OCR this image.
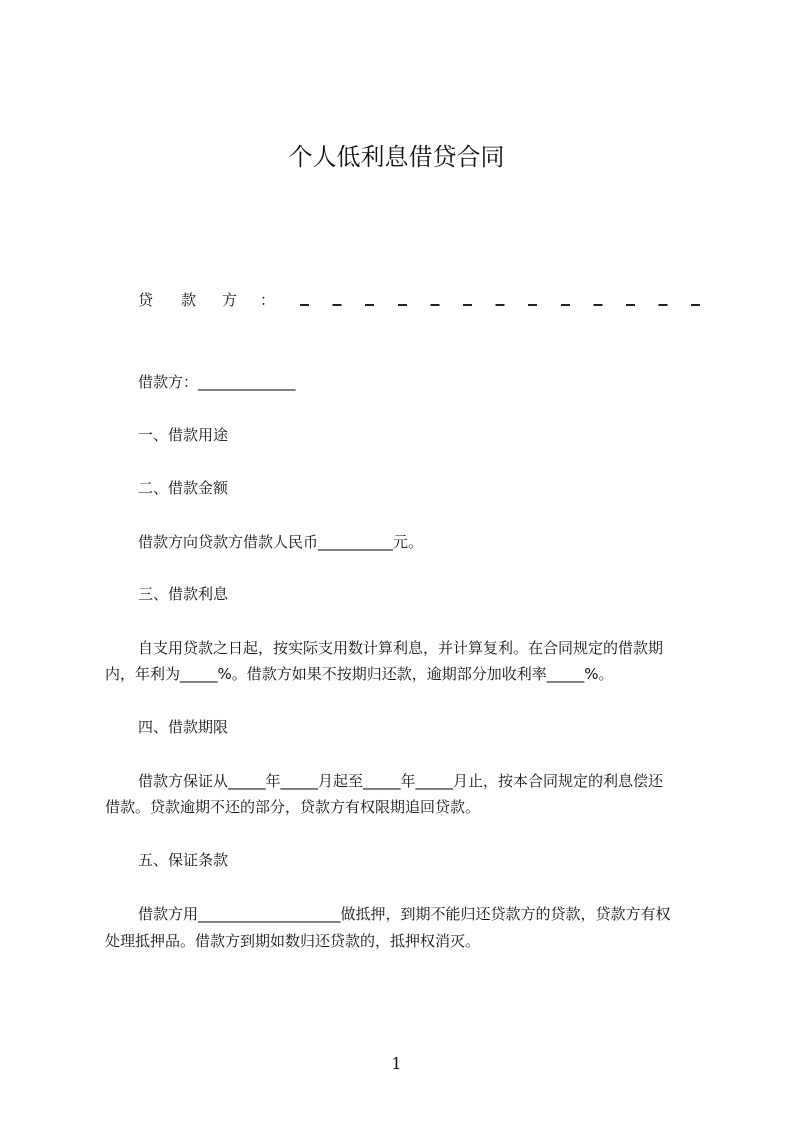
个人低利息借贷合同
贷 款 方 ：
借款方：_____________
一、借款用途
二、借款金额
借款方向贷款方借款人民币__________元。
三、借款利息
自支用贷款之日起，按实际支用数计算利息，并计算复利。在合同规定的借款期
内，年利为_____%。借款方如果不按期归还款，逾期部分加收利率_____%。
四、借款期限
借款方保证从_____年_____月起至_____年_____月止，按本合同规定的利息偿还
借款。贷款逾期不还的部分，贷款方有权限期追回贷款。
五、保证条款
借款方用___________________做抵押，到期不能归还贷款方的贷款，贷款方有权
处理抵押品。借款方到期如数归还贷款的，抵押权消灭。
1
